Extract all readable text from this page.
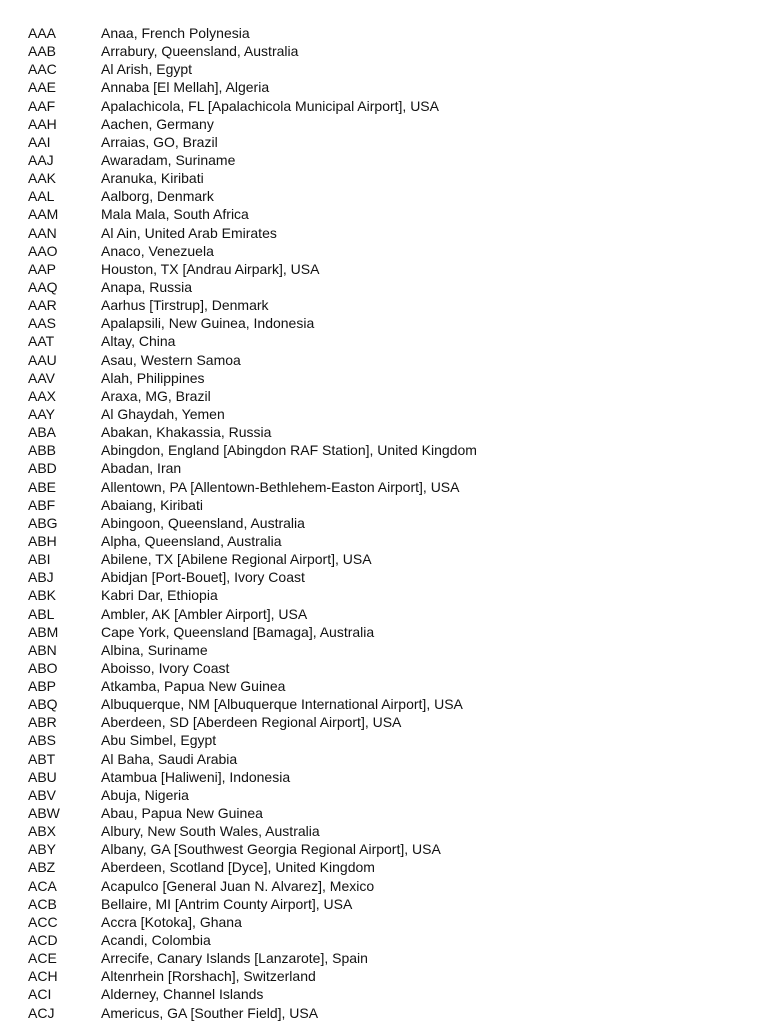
AAA	Anaa, French Polynesia
AAB	Arrabury, Queensland, Australia
AAC	Al Arish, Egypt
AAE	Annaba [El Mellah], Algeria
AAF	Apalachicola, FL [Apalachicola Municipal Airport], USA
AAH	Aachen, Germany
AAI	Arraias, GO, Brazil
AAJ	Awaradam, Suriname
AAK	Aranuka, Kiribati
AAL	Aalborg, Denmark
AAM	Mala Mala, South Africa
AAN	Al Ain, United Arab Emirates
AAO	Anaco, Venezuela
AAP	Houston, TX [Andrau Airpark], USA
AAQ	Anapa, Russia
AAR	Aarhus [Tirstrup], Denmark
AAS	Apalapsili, New Guinea, Indonesia
AAT	Altay, China
AAU	Asau, Western Samoa
AAV	Alah, Philippines
AAX	Araxa, MG, Brazil
AAY	Al Ghaydah, Yemen
ABA	Abakan, Khakassia, Russia
ABB	Abingdon, England [Abingdon RAF Station], United Kingdom
ABD	Abadan, Iran
ABE	Allentown, PA [Allentown-Bethlehem-Easton Airport], USA
ABF	Abaiang, Kiribati
ABG	Abingoon, Queensland, Australia
ABH	Alpha, Queensland, Australia
ABI	Abilene, TX [Abilene Regional Airport], USA
ABJ	Abidjan [Port-Bouet], Ivory Coast
ABK	Kabri Dar, Ethiopia
ABL	Ambler, AK [Ambler Airport], USA
ABM	Cape York, Queensland [Bamaga], Australia
ABN	Albina, Suriname
ABO	Aboisso, Ivory Coast
ABP	Atkamba, Papua New Guinea
ABQ	Albuquerque, NM [Albuquerque International Airport], USA
ABR	Aberdeen, SD [Aberdeen Regional Airport], USA
ABS	Abu Simbel, Egypt
ABT	Al Baha, Saudi Arabia
ABU	Atambua [Haliweni], Indonesia
ABV	Abuja, Nigeria
ABW	Abau, Papua New Guinea
ABX	Albury, New South Wales, Australia
ABY	Albany, GA [Southwest Georgia Regional Airport], USA
ABZ	Aberdeen, Scotland [Dyce], United Kingdom
ACA	Acapulco [General Juan N. Alvarez], Mexico
ACB	Bellaire, MI [Antrim County Airport], USA
ACC	Accra [Kotoka], Ghana
ACD	Acandi, Colombia
ACE	Arrecife, Canary Islands [Lanzarote], Spain
ACH	Altenrhein [Rorshach], Switzerland
ACI	Alderney, Channel Islands
ACJ	Americus, GA [Souther Field], USA
